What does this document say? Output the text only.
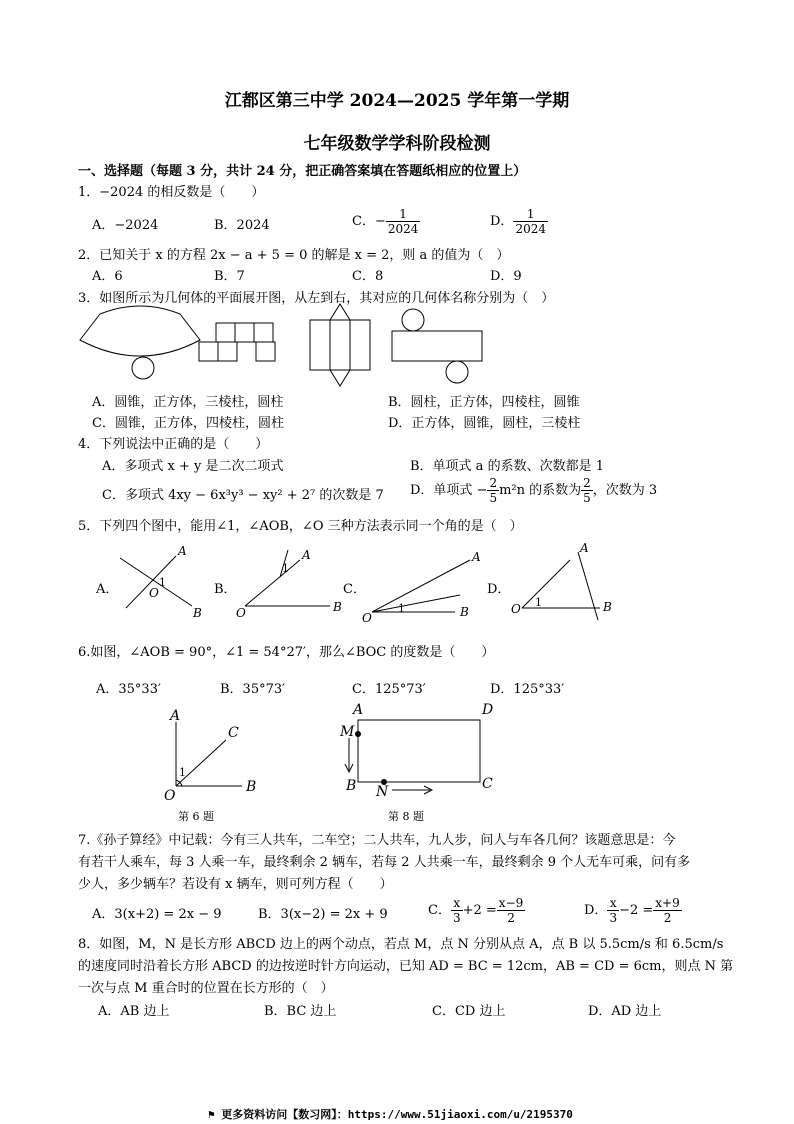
江都区第三中学 2024—2025 学年第一学期
七年级数学学科阶段检测
一、选择题（每题 3 分，共计 24 分，把正确答案填在答题纸相应的位置上）
1．−2024 的相反数是（　　）
A．−2024	B．2024	C．− $\frac{1}{2024}$	D． $\frac{1}{2024}$
2．已知关于 x 的方程 2x − a + 5 = 0 的解是 x = 2，则 a 的值为（　）
A．6	B．7	C．8	D．9
3．如图所示为几何体的平面展开图，从左到右，其对应的几何体名称分别为（　）
A．圆锥，正方体，三棱柱，圆柱	B．圆柱，正方体，四棱柱，圆锥
C．圆锥，正方体，四棱柱，圆柱	D．正方体，圆锥，圆柱，三棱柱
4．下列说法中正确的是（　　）
A．多项式 x + y 是二次二项式	B．单项式 a 的系数、次数都是 1
C．多项式 4xy − 6x³y³ − xy² + 2⁷ 的次数是 7 D．单项式 − $\frac{2}{5} m^2n$ 的系数为 $\frac{2}{5}$ ，次数为 3
5．下列四个图中，能用∠1，∠AOB，∠O 三种方法表示同一个角的是（　）
A．	B．	C．	D．
A
O
1
B
A
O
1
B
A
O
1	B
A
O 1	B
6.如图，∠AOB = 90°，∠1 = 54°27′，那么∠BOC 的度数是（　　）
A．35°33′	B．35°73′	C．125°73′	D．125°33′
A
C
B
O
1
第 6 题
A	D
M
B N	C
第 8 题
7.《孙子算经》中记载：今有三人共车，二车空；二人共车，九人步，问人与车各几何？该题意思是：今
有若干人乘车，每 3 人乘一车，最终剩余 2 辆车，若每 2 人共乘一车，最终剩余 9 个人无车可乘，问有多
少人，多少辆车？若设有 x 辆车，则可列方程（　　）
A．3(x+2) = 2x − 9	B．3(x−2) = 2x + 9	C． $\frac{x}{3} +2 = \frac{x-9}{2}$	D． $\frac{x}{3} -2 = \frac{x+9}{2}$
8．如图，M，N 是长方形 ABCD 边上的两个动点，若点 M，点 N 分别从点 A，点 B 以 5.5cm/s 和 6.5cm/s
的速度同时沿着长方形 ABCD 的边按逆时针方向运动，已知 AD = BC = 12cm，AB = CD = 6cm，则点 N 第
一次与点 M 重合时的位置在长方形的（　）
A．AB 边上	B．BC 边上	C．CD 边上	D．AD 边上
⚑ 更多资料访问【数习网】：https://www.51jiaoxi.com/u/2195370
